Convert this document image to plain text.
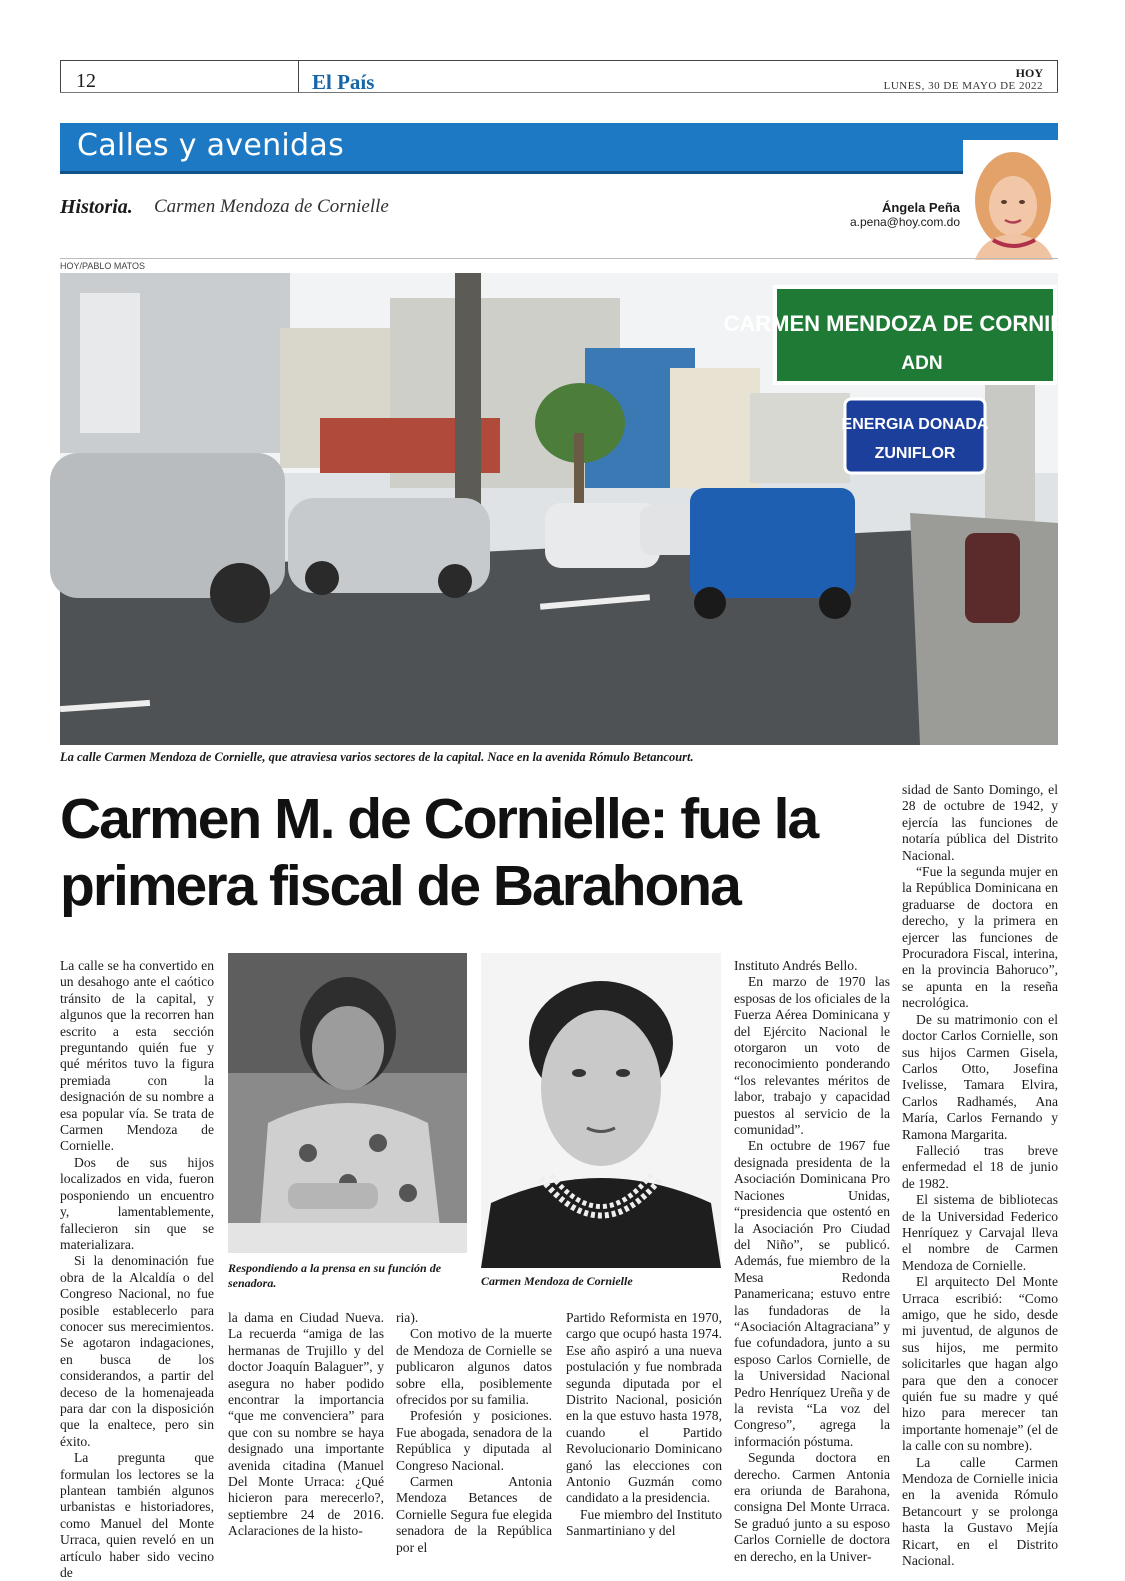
12	El País	HOY
LUNES, 30 DE MAYO DE 2022
Calles y avenidas
Historia. Carmen Mendoza de Cornielle	Ángela Peña
a.pena@hoy.com.do
HOY/PABLO MATOS
CARMEN MENDOZA DE CORNIELLE
ADN
ENERGIA DONADA
ZUNIFLOR
La calle Carmen Mendoza de Cornielle, que atraviesa varios sectores de la capital. Nace en la avenida Rómulo Betancourt.
Carmen M. de Cornielle: fue la primera fiscal de Barahona
Respondiendo a la prensa en su función de senadora.	Carmen Mendoza de Cornielle

La calle se ha convertido en un desahogo ante el caótico tránsito de la capital, y algunos que la recorren han escrito a esta sección preguntando quién fue y qué méritos tuvo la figura premiada con la designación de su nombre a esa popular vía. Se trata de Carmen Mendoza de Cornielle.

Dos de sus hijos localizados en vida, fueron posponiendo un encuentro y, lamentablemente, fallecieron sin que se materializara.

Si la denominación fue obra de la Alcaldía o del Congreso Nacional, no fue posible establecerlo para conocer sus merecimientos. Se agotaron indagaciones, en busca de los considerandos, a partir del deceso de la homenajeada para dar con la disposición que la enaltece, pero sin éxito.

La pregunta que formulan los lectores se la plantean también algunos urbanistas e historiadores, como Manuel del Monte Urraca, quien reveló en un artículo haber sido vecino de

la dama en Ciudad Nueva. La recuerda “amiga de las hermanas de Trujillo y del doctor Joaquín Balaguer”, y asegura no haber podido encontrar la importancia “que me convenciera” para que con su nombre se haya designado una importante avenida citadina (Manuel Del Monte Urraca: ¿Qué hicieron para merecerlo?, septiembre 24 de 2016. Aclaraciones de la histo-

ria).

Con motivo de la muerte de Mendoza de Cornielle se publicaron algunos datos sobre ella, posiblemente ofrecidos por su familia.

Profesión y posiciones. Fue abogada, senadora de la República y diputada al Congreso Nacional.

Carmen Antonia Mendoza Betances de Cornielle Segura fue elegida senadora de la República por el

Partido Reformista en 1970, cargo que ocupó hasta 1974. Ese año aspiró a una nueva postulación y fue nombrada segunda diputada por el Distrito Nacional, posición en la que estuvo hasta 1978, cuando el Partido Revolucionario Dominicano ganó las elecciones con Antonio Guzmán como candidato a la presidencia.

Fue miembro del Instituto Sanmartiniano y del

Instituto Andrés Bello.

En marzo de 1970 las esposas de los oficiales de la Fuerza Aérea Dominicana y del Ejército Nacional le otorgaron un voto de reconocimiento ponderando “los relevantes méritos de labor, trabajo y capacidad puestos al servicio de la comunidad”.

En octubre de 1967 fue designada presidenta de la Asociación Dominicana Pro Naciones Unidas, “presidencia que ostentó en la Asociación Pro Ciudad del Niño”, se publicó. Además, fue miembro de la Mesa Redonda Panamericana; estuvo entre las fundadoras de la “Asociación Altagraciana” y fue cofundadora, junto a su esposo Carlos Cornielle, de la Universidad Nacional Pedro Henríquez Ureña y de la revista “La voz del Congreso”, agrega la información póstuma.

Segunda doctora en derecho. Carmen Antonia era oriunda de Barahona, consigna Del Monte Urraca. Se graduó junto a su esposo Carlos Cornielle de doctora en derecho, en la Univer-

sidad de Santo Domingo, el 28 de octubre de 1942, y ejercía las funciones de notaría pública del Distrito Nacional.

“Fue la segunda mujer en la República Dominicana en graduarse de doctora en derecho, y la primera en ejercer las funciones de Procuradora Fiscal, interina, en la provincia Bahoruco”, se apunta en la reseña necrológica.

De su matrimonio con el doctor Carlos Cornielle, son sus hijos Carmen Gisela, Carlos Otto, Josefina Ivelisse, Tamara Elvira, Carlos Radhamés, Ana María, Carlos Fernando y Ramona Margarita.

Falleció tras breve enfermedad el 18 de junio de 1982.

El sistema de bibliotecas de la Universidad Federico Henríquez y Carvajal lleva el nombre de Carmen Mendoza de Cornielle.

El arquitecto Del Monte Urraca escribió: “Como amigo, que he sido, desde mi juventud, de algunos de sus hijos, me permito solicitarles que hagan algo para que den a conocer quién fue su madre y qué hizo para merecer tan importante homenaje” (el de la calle con su nombre).

La calle Carmen Mendoza de Cornielle inicia en la avenida Rómulo Betancourt y se prolonga hasta la Gustavo Mejía Ricart, en el Distrito Nacional.
